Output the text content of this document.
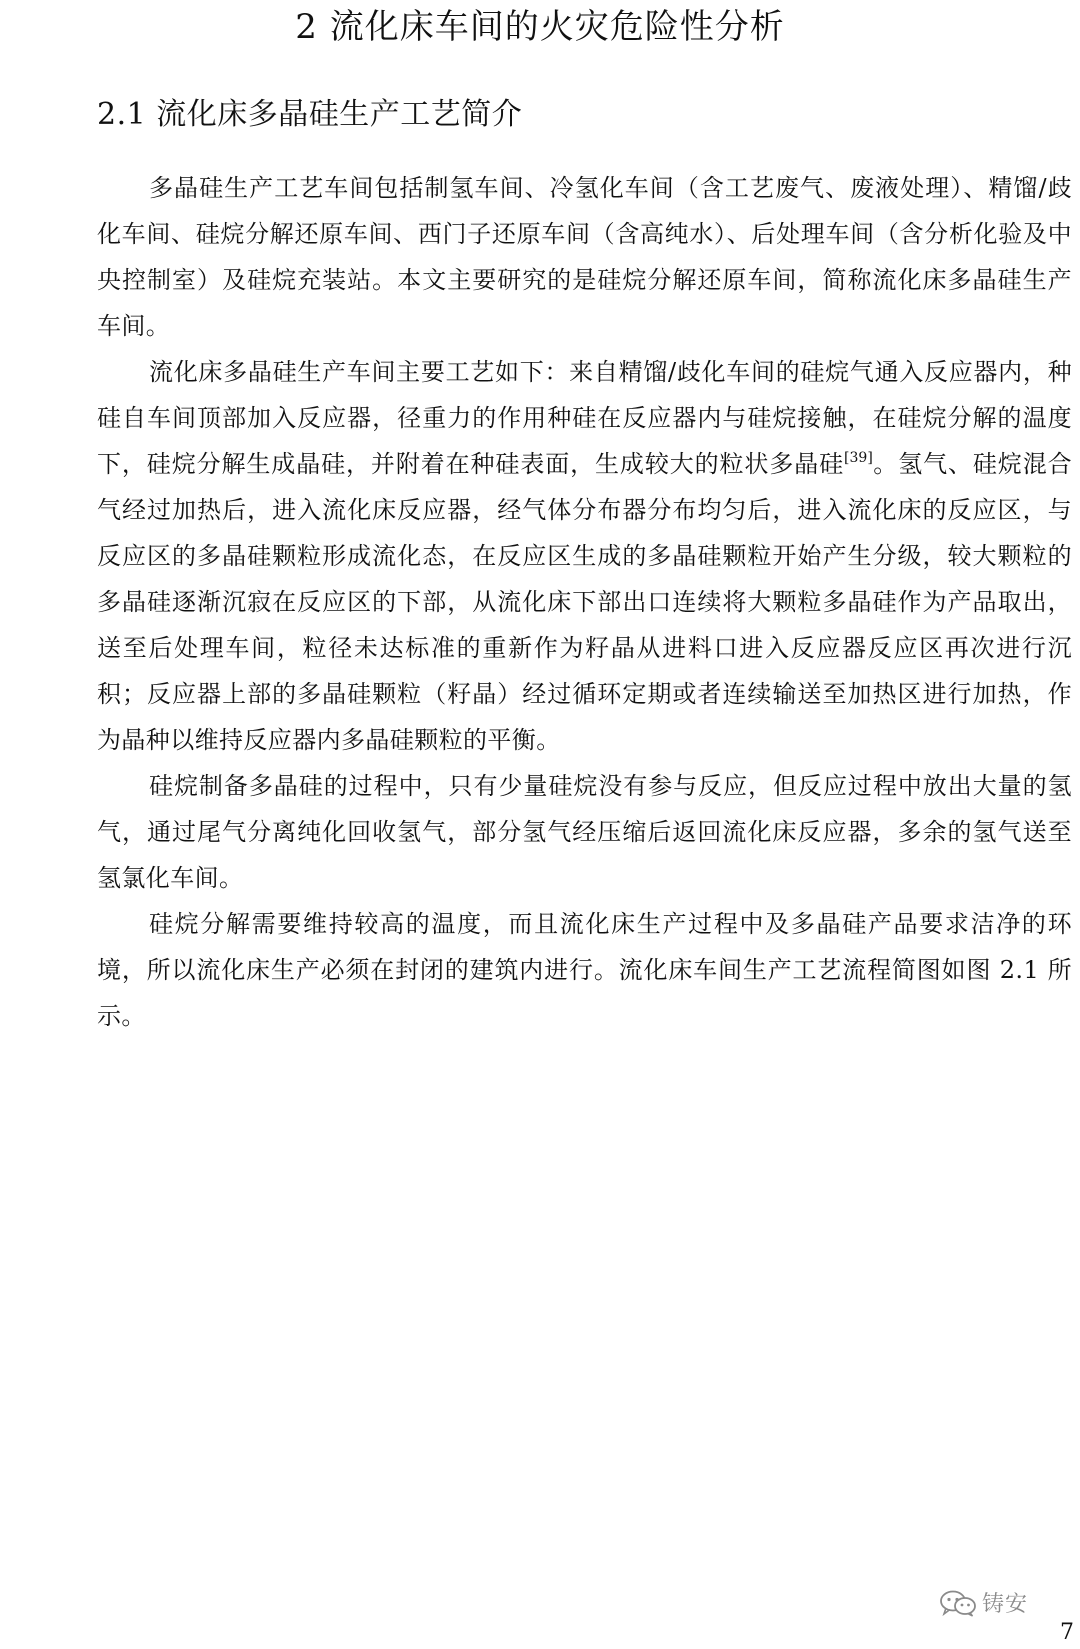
2 流化床车间的火灾危险性分析
2.1 流化床多晶硅生产工艺简介

多晶硅生产工艺车间包括制氢车间、冷氢化车间（含工艺废气、废液处理）、精馏/歧化车间、硅烷分解还原车间、西门子还原车间（含高纯水）、后处理车间（含分析化验及中央控制室）及硅烷充装站。本文主要研究的是硅烷分解还原车间，简称流化床多晶硅生产车间。

流化床多晶硅生产车间主要工艺如下：来自精馏/歧化车间的硅烷气通入反应器内，种硅自车间顶部加入反应器，径重力的作用种硅在反应器内与硅烷接触，在硅烷分解的温度下，硅烷分解生成晶硅，并附着在种硅表面，生成较大的粒状多晶硅[39]。氢气、硅烷混合气经过加热后，进入流化床反应器，经气体分布器分布均匀后，进入流化床的反应区，与反应区的多晶硅颗粒形成流化态，在反应区生成的多晶硅颗粒开始产生分级，较大颗粒的多晶硅逐渐沉寂在反应区的下部，从流化床下部出口连续将大颗粒多晶硅作为产品取出，送至后处理车间，粒径未达标准的重新作为籽晶从进料口进入反应器反应区再次进行沉积；反应器上部的多晶硅颗粒（籽晶）经过循环定期或者连续输送至加热区进行加热，作为晶种以维持反应器内多晶硅颗粒的平衡。

硅烷制备多晶硅的过程中，只有少量硅烷没有参与反应，但反应过程中放出大量的氢气，通过尾气分离纯化回收氢气，部分氢气经压缩后返回流化床反应器，多余的氢气送至氢氯化车间。

硅烷分解需要维持较高的温度，而且流化床生产过程中及多晶硅产品要求洁净的环境，所以流化床生产必须在封闭的建筑内进行。流化床车间生产工艺流程简图如图 2.1 所示。

铸安
7
